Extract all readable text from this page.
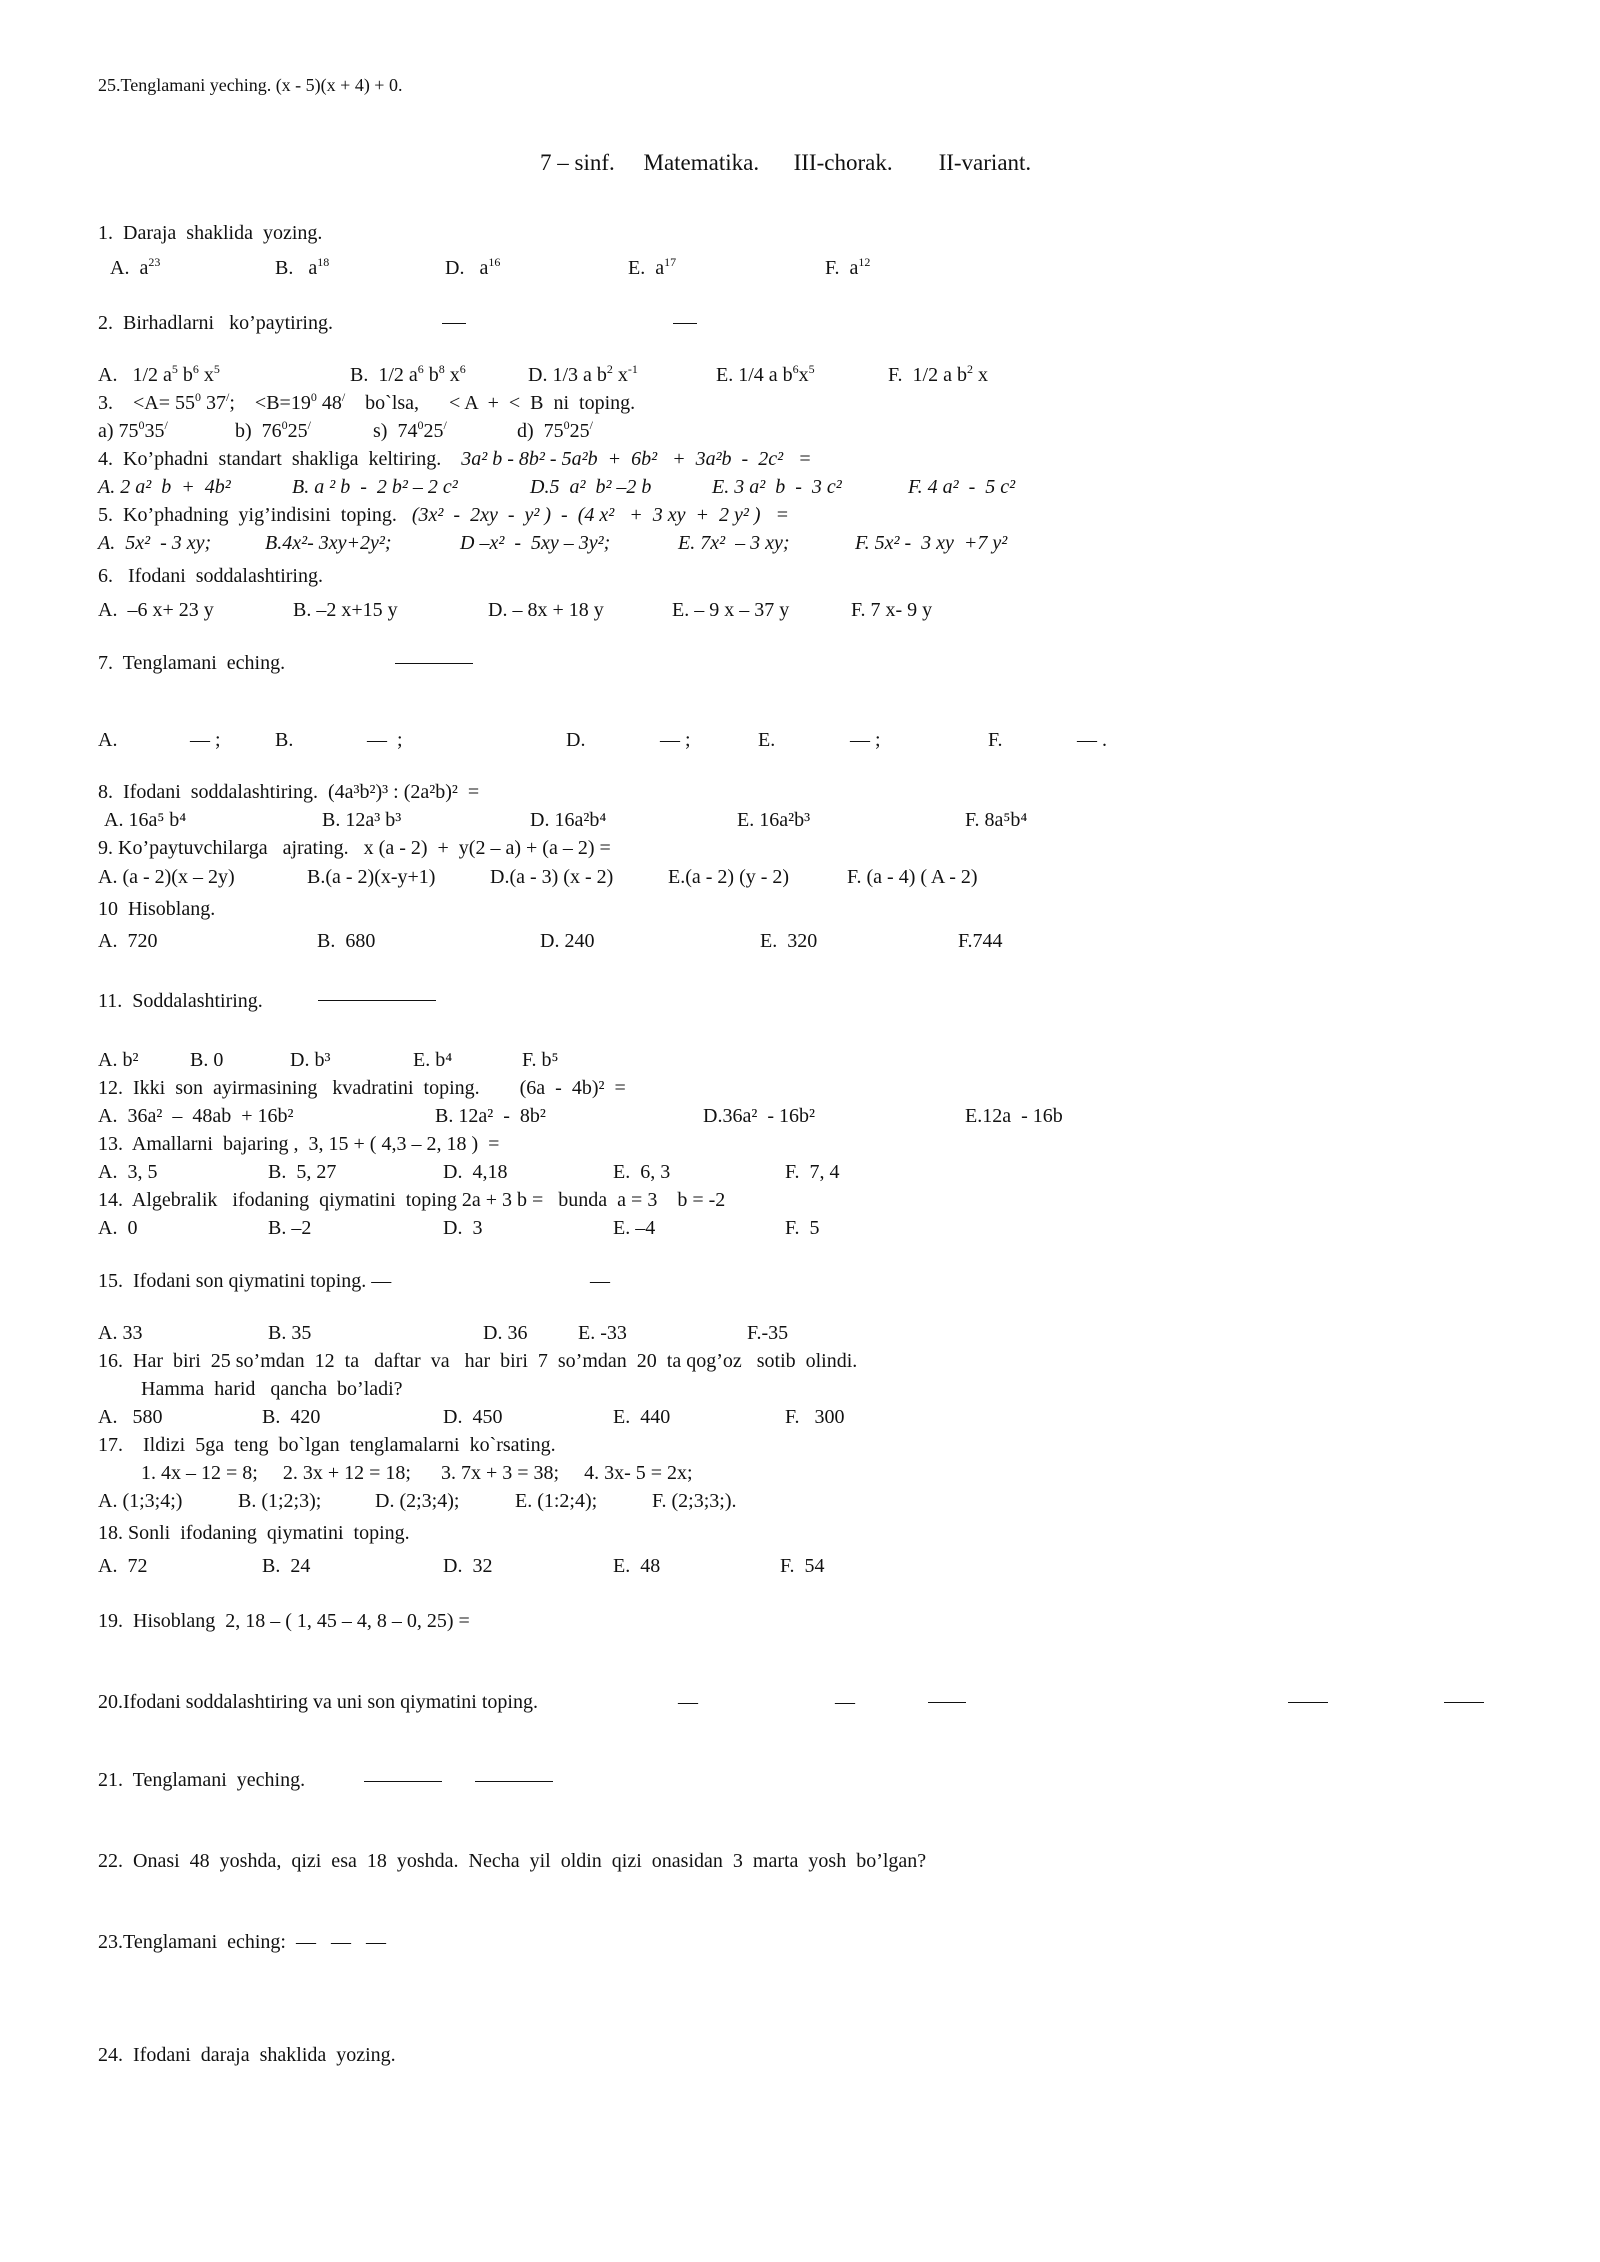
25.Tenglamani yeching. (x - 5)(x + 4) + 0.
7 – sinf. Matematika. III-chorak. II-variant.
1.  Daraja  shaklida  yozing.
A.  $a^{23}$	B.   $a^{18}$	D.   $a^{16}$	E.  $a^{17}$	F.  $a^{12}$
2.  Birhadlarni   ko’paytiring.
A.   1/2 $a^5$ $b^6$ $x^5$	B.  1/2 $a^6$ $b^8$ $x^6$	D. 1/3 a $b^2$ $x^{-1}$	E. 1/4 a $b^6x^5$	F.  1/2 a $b^2$ x
3.    $<A= 55^0$ 37/;    $<B=19^0$ 48/    bo`lsa,      < A  +  <  B  ni  toping.
a) $75^035^/$	b)  $76^025^/$	s)  $74^025^/$	d)  $75^025^/$
4.  Ko’phadni  standart  shakliga  keltiring. 3a² b - 8b² - 5a²b  +  6b²   +  3a²b  -  2c²   =
A. 2 a²  b  +  4b²	B. a ² b  -  2 b² – 2 c²	D.5  a²  b² –2 b	E. 3 a²  b  -  3 c²	F. 4 a²  -  5 c²
5.  Ko’phadning  yig’indisini  toping. (3x²  -  2xy  -  y² )  -  (4 x²   +  3 xy  +  2 y² )   =
A.  5x²  - 3 xy;	B.4x²- 3xy+2y²;	D –x²  -  5xy – 3y²;	E. 7x²  – 3 xy;	F. 5x² -  3 xy  +7 y²
6.   Ifodani  soddalashtiring.
A.  –6 x+ 23 y	B. –2 x+15 y	D. – 8x + 18 y	E. – 9 x – 37 y	F. 7 x- 9 y
7.  Tenglamani  eching.
A.	— ;	B.	—  ;	D.	— ;	E.	— ;	F.	— .
8.  Ifodani  soddalashtiring.  (4a³b²)³ : (2a²b)²  =
A. 16a⁵ b⁴	B. 12a³ b³	D. 16a²b⁴	E. 16a²b³	F. 8a⁵b⁴
9. Ko’paytuvchilarga   ajrating.   x (a - 2)  +  y(2 – a) + (a – 2) =
A. (a - 2)(x – 2y)	B.(a - 2)(x-y+1)	D.(a - 3) (x - 2)	E.(a - 2) (y - 2)	F. (a - 4) ( A - 2)
10  Hisoblang.
A.  720	B.  680	D. 240	E.  320	F.744
11.  Soddalashtiring.
A. b²	B. 0	D. b³	E. b⁴	F. b⁵
12.  Ikki  son  ayirmasining   kvadratini  toping. (6a  -  4b)²  =
A.  36a²  –  48ab  + 16b²	B. 12a²  -  8b²	D.36a²  - 16b²	E.12a  - 16b
13.  Amallarni  bajaring ,  3, 15 + ( 4,3 – 2, 18 )  =
A.  3, 5	B.  5, 27	D.  4,18	E.  6, 3	F.  7, 4
14.  Algebralik   ifodaning  qiymatini  toping 2a + 3 b =   bunda  a = 3    b = -2
A.  0	B. –2	D.  3	E. –4	F.  5
15.  Ifodani son qiymatini toping. —	—
A. 33	B. 35	D. 36	E. -33	F.-35
16.  Har  biri  25 so’mdan  12  ta   daftar  va   har  biri  7  so’mdan  20  ta qog’oz   sotib  olindi.
Hamma  harid   qancha  bo’ladi?
A.   580	B.  420	D.  450	E.  440	F.   300
17.    Ildizi  5ga  teng  bo`lgan  tenglamalarni  ko`rsating.
1. 4x – 12 = 8;     2. 3x + 12 = 18;      3. 7x + 3 = 38;     4. 3x- 5 = 2x;
A. (1;3;4;)	B. (1;2;3);	D. (2;3;4);	E. (1:2;4);	F. (2;3;3;).
18. Sonli  ifodaning  qiymatini  toping.
A.  72	B.  24	D.  32	E.  48	F.  54
19.  Hisoblang  2, 18 – ( 1, 45 – 4, 8 – 0, 25) =
20.Ifodani soddalashtiring va uni son qiymatini toping.	—	—
21.  Tenglamani  yeching.
22.  Onasi  48  yoshda,  qizi  esa  18  yoshda.  Necha  yil  oldin  qizi  onasidan  3  marta  yosh  bo’lgan?
23.Tenglamani  eching:  —   —   —
24.  Ifodani  daraja  shaklida  yozing.
